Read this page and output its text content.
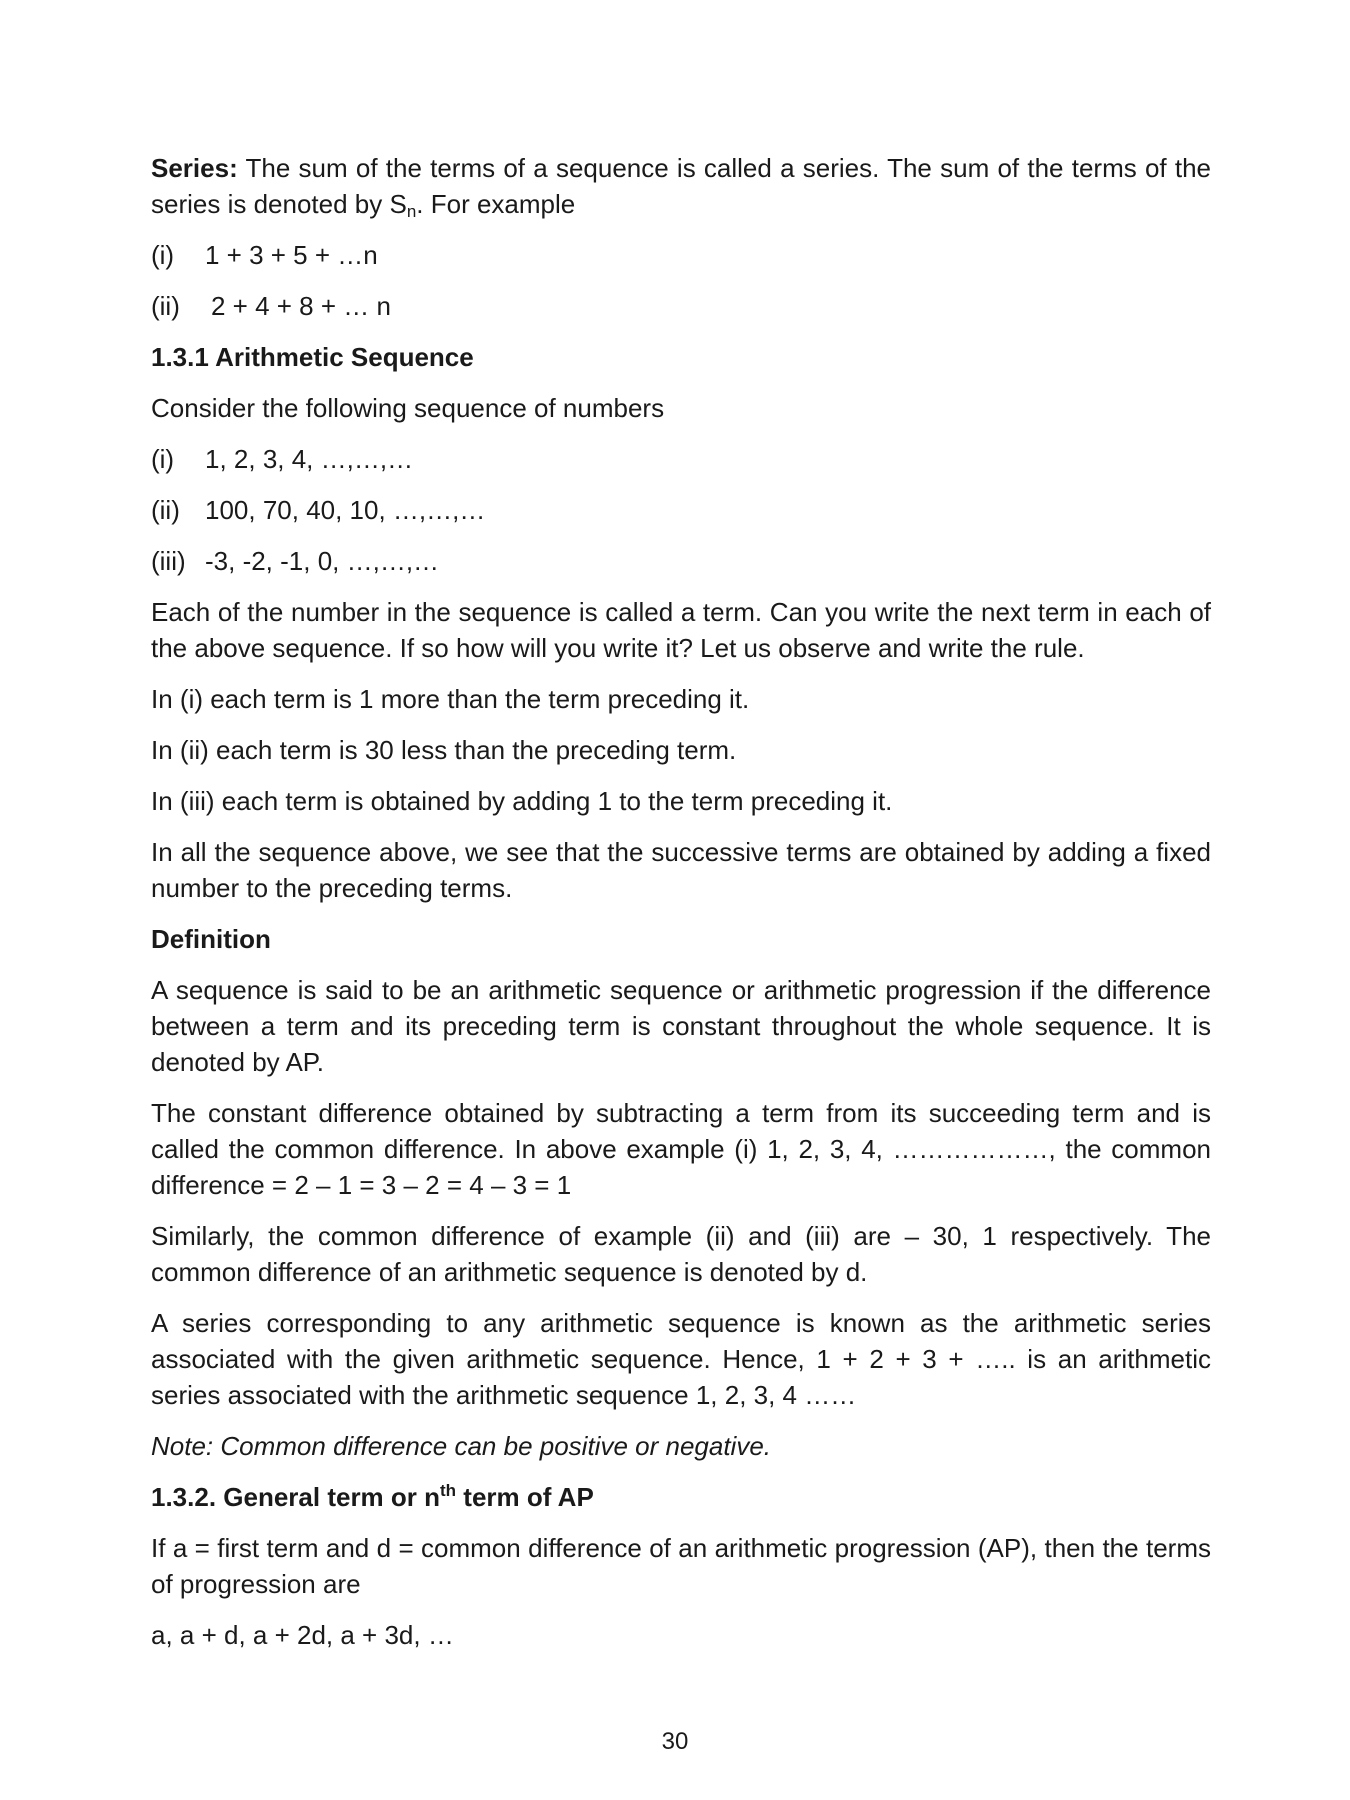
Series: The sum of the terms of a sequence is called a series. The sum of the terms of the series is denoted by $S_n$. For example

(i)	1 + 3 + 5 + …n
(ii)	2 + 4 + 8 + … n
1.3.1 Arithmetic Sequence

Consider the following sequence of numbers

(i)	1, 2, 3, 4, …,…,…
(ii) 100, 70, 40, 10, …,…,…
(iii) -3, -2, -1, 0, …,…,…

Each of the number in the sequence is called a term. Can you write the next term in each of the above sequence. If so how will you write it? Let us observe and write the rule.

In (i) each term is 1 more than the term preceding it.

In (ii) each term is 30 less than the preceding term.

In (iii) each term is obtained by adding 1 to the term preceding it.

In all the sequence above, we see that the successive terms are obtained by adding a fixed number to the preceding terms.

Definition

A sequence is said to be an arithmetic sequence or arithmetic progression if the difference between a term and its preceding term is constant throughout the whole sequence. It is denoted by AP.

The constant difference obtained by subtracting a term from its succeeding term and is called the common difference. In above example (i) 1, 2, 3, 4, ………………, the common difference = 2 – 1 = 3 – 2 = 4 – 3 = 1

Similarly, the common difference of example (ii) and (iii) are – 30, 1 respectively. The common difference of an arithmetic sequence is denoted by d.

A series corresponding to any arithmetic sequence is known as the arithmetic series associated with the given arithmetic sequence. Hence, 1 + 2 + 3 + ….. is an arithmetic series associated with the arithmetic sequence 1, 2, 3, 4 ……

Note: Common difference can be positive or negative.

1.3.2. General term or $n^{th}$ term of AP

If a = first term and d = common difference of an arithmetic progression (AP), then the terms of progression are

a, a + d, a + 2d, a + 3d, …

30
